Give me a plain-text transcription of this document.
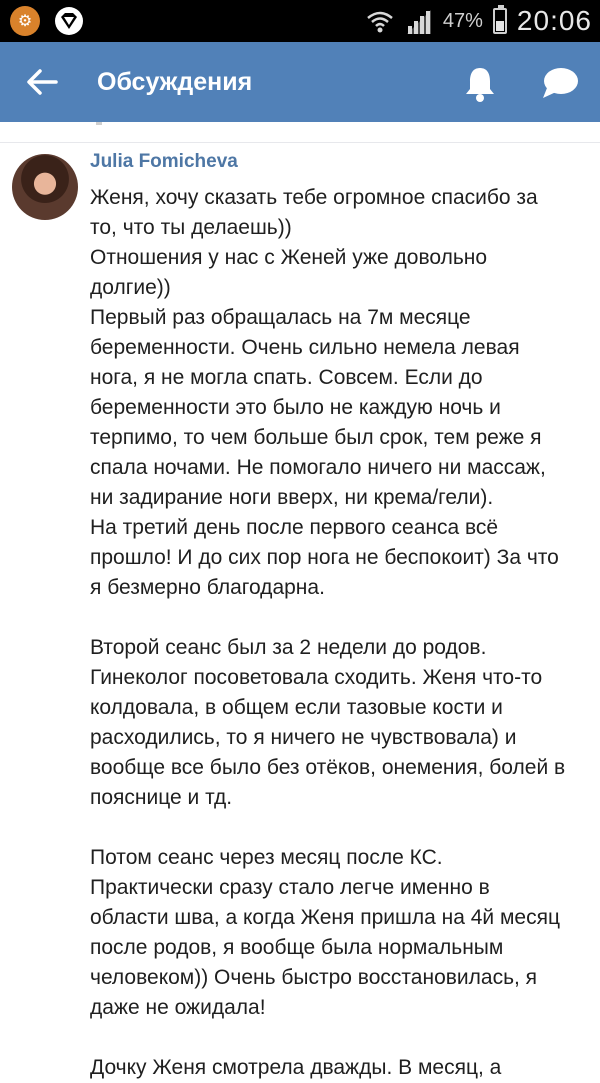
⚙	47% 20:06
Обсуждения
Julia Fomicheva

Женя, хочу сказать тебе огромное спасибо за

то, что ты делаешь))

Отношения у нас с Женей уже довольно

долгие))

Первый раз обращалась на 7м месяце

беременности. Очень сильно немела левая

нога, я не могла спать. Совсем. Если до

беременности это было не каждую ночь и

терпимо, то чем больше был срок, тем реже я

спала ночами. Не помогало ничего ни массаж,

ни задирание ноги вверх, ни крема/гели).

На третий день после первого сеанса всё

прошло! И до сих пор нога не беспокоит) За что

я безмерно благодарна.

Второй сеанс был за 2 недели до родов.

Гинеколог посоветовала сходить. Женя что-то

колдовала, в общем если тазовые кости и

расходились, то я ничего не чувствовала) и

вообще все было без отёков, онемения, болей в

пояснице и тд.

Потом сеанс через месяц после КС.

Практически сразу стало легче именно в

области шва, а когда Женя пришла на 4й месяц

после родов, я вообще была нормальным

человеком)) Очень быстро восстановилась, я

даже не ожидала!

Дочку Женя смотрела дважды. В месяц, а
